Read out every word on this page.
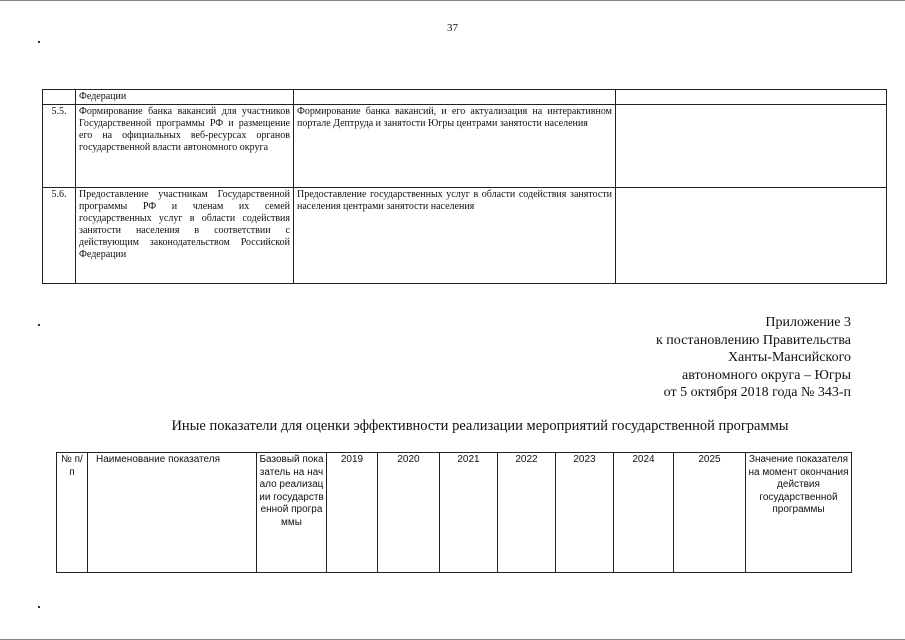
37
	Федерации		
5.5.	Формирование банка вакансий для участников Государственной программы РФ и размещение его на официальных веб-ресурсах органов государственной власти автономного округа	Формирование банка вакансий, и его актуализация на интерактивном портале Дептруда и занятости Югры центрами занятости населения	
5.6.	Предоставление участникам Государственной программы РФ и членам их семей государственных услуг в области содействия занятости населения в соответствии с действующим законодательством Российской Федерации	Предоставление государственных услуг в области содействия занятости населения центрами занятости населения	
Приложение 3
к постановлению Правительства
Ханты-Мансийского
автономного округа – Югры
от 5 октября 2018 года № 343-п
Иные показатели для оценки эффективности реализации мероприятий государственной программы
№ п/п	Наименование показателя	Базовый показатель на начало реализации государственной программы	2019	2020	2021	2022	2023	2024	2025	Значение показателя на момент окончания действия государственной программы
